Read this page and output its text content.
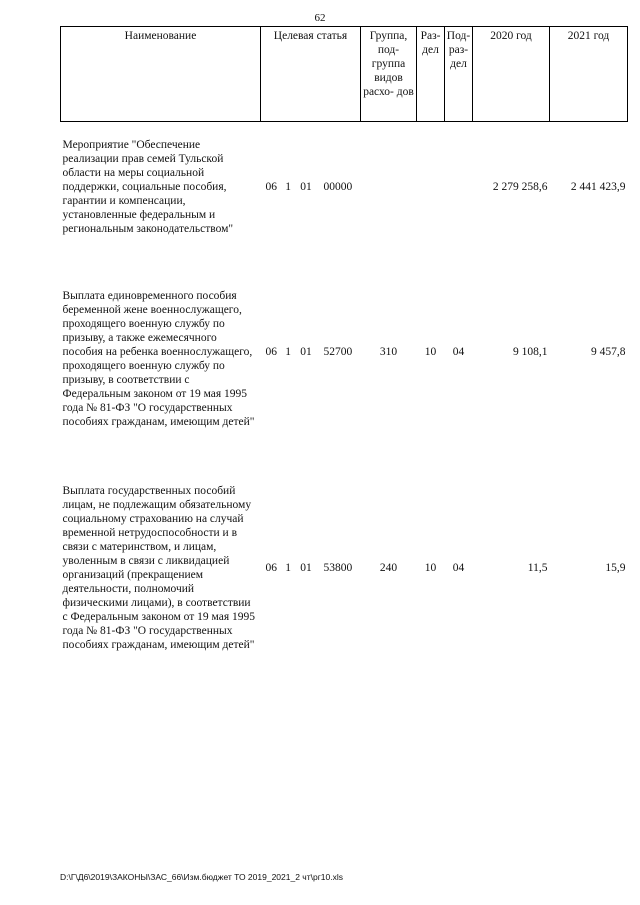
62
Наименование	Целевая статья	Группа, под- группа видов расхо- дов	Раз- дел	Под- раз- дел	2020 год	2021 год
Мероприятие "Обеспечение реализации прав семей Тульской области на меры социальной поддержки, социальные пособия, гарантии и компенсации, установленные федеральным и региональным законодательством"	06 1 01 00000				2 279 258,6	2 441 423,9
Выплата единовременного пособия беременной жене военнослужащего, проходящего военную службу по призыву, а также ежемесячного пособия на ребенка военнослужащего, проходящего военную службу по призыву, в соответствии с Федеральным законом от 19 мая 1995 года № 81-ФЗ "О государственных пособиях гражданам, имеющим детей"	06 1 01 52700	310	10	04	9 108,1	9 457,8
Выплата государственных пособий лицам, не подлежащим обязательному социальному страхованию на случай временной нетрудоспособности и в связи с материнством, и лицам, уволенным в связи с ликвидацией организаций (прекращением деятельности, полномочий физическими лицами), в соответствии с Федеральным законом от 19 мая 1995 года № 81-ФЗ "О государственных пособиях гражданам, имеющим детей"	06 1 01 53800	240	10	04	11,5	15,9
D:\Г\Д6\2019\ЗАКОНЫ\ЗАС_66\Изм.бюджет ТО 2019_2021_2 чт\рг10.xls
